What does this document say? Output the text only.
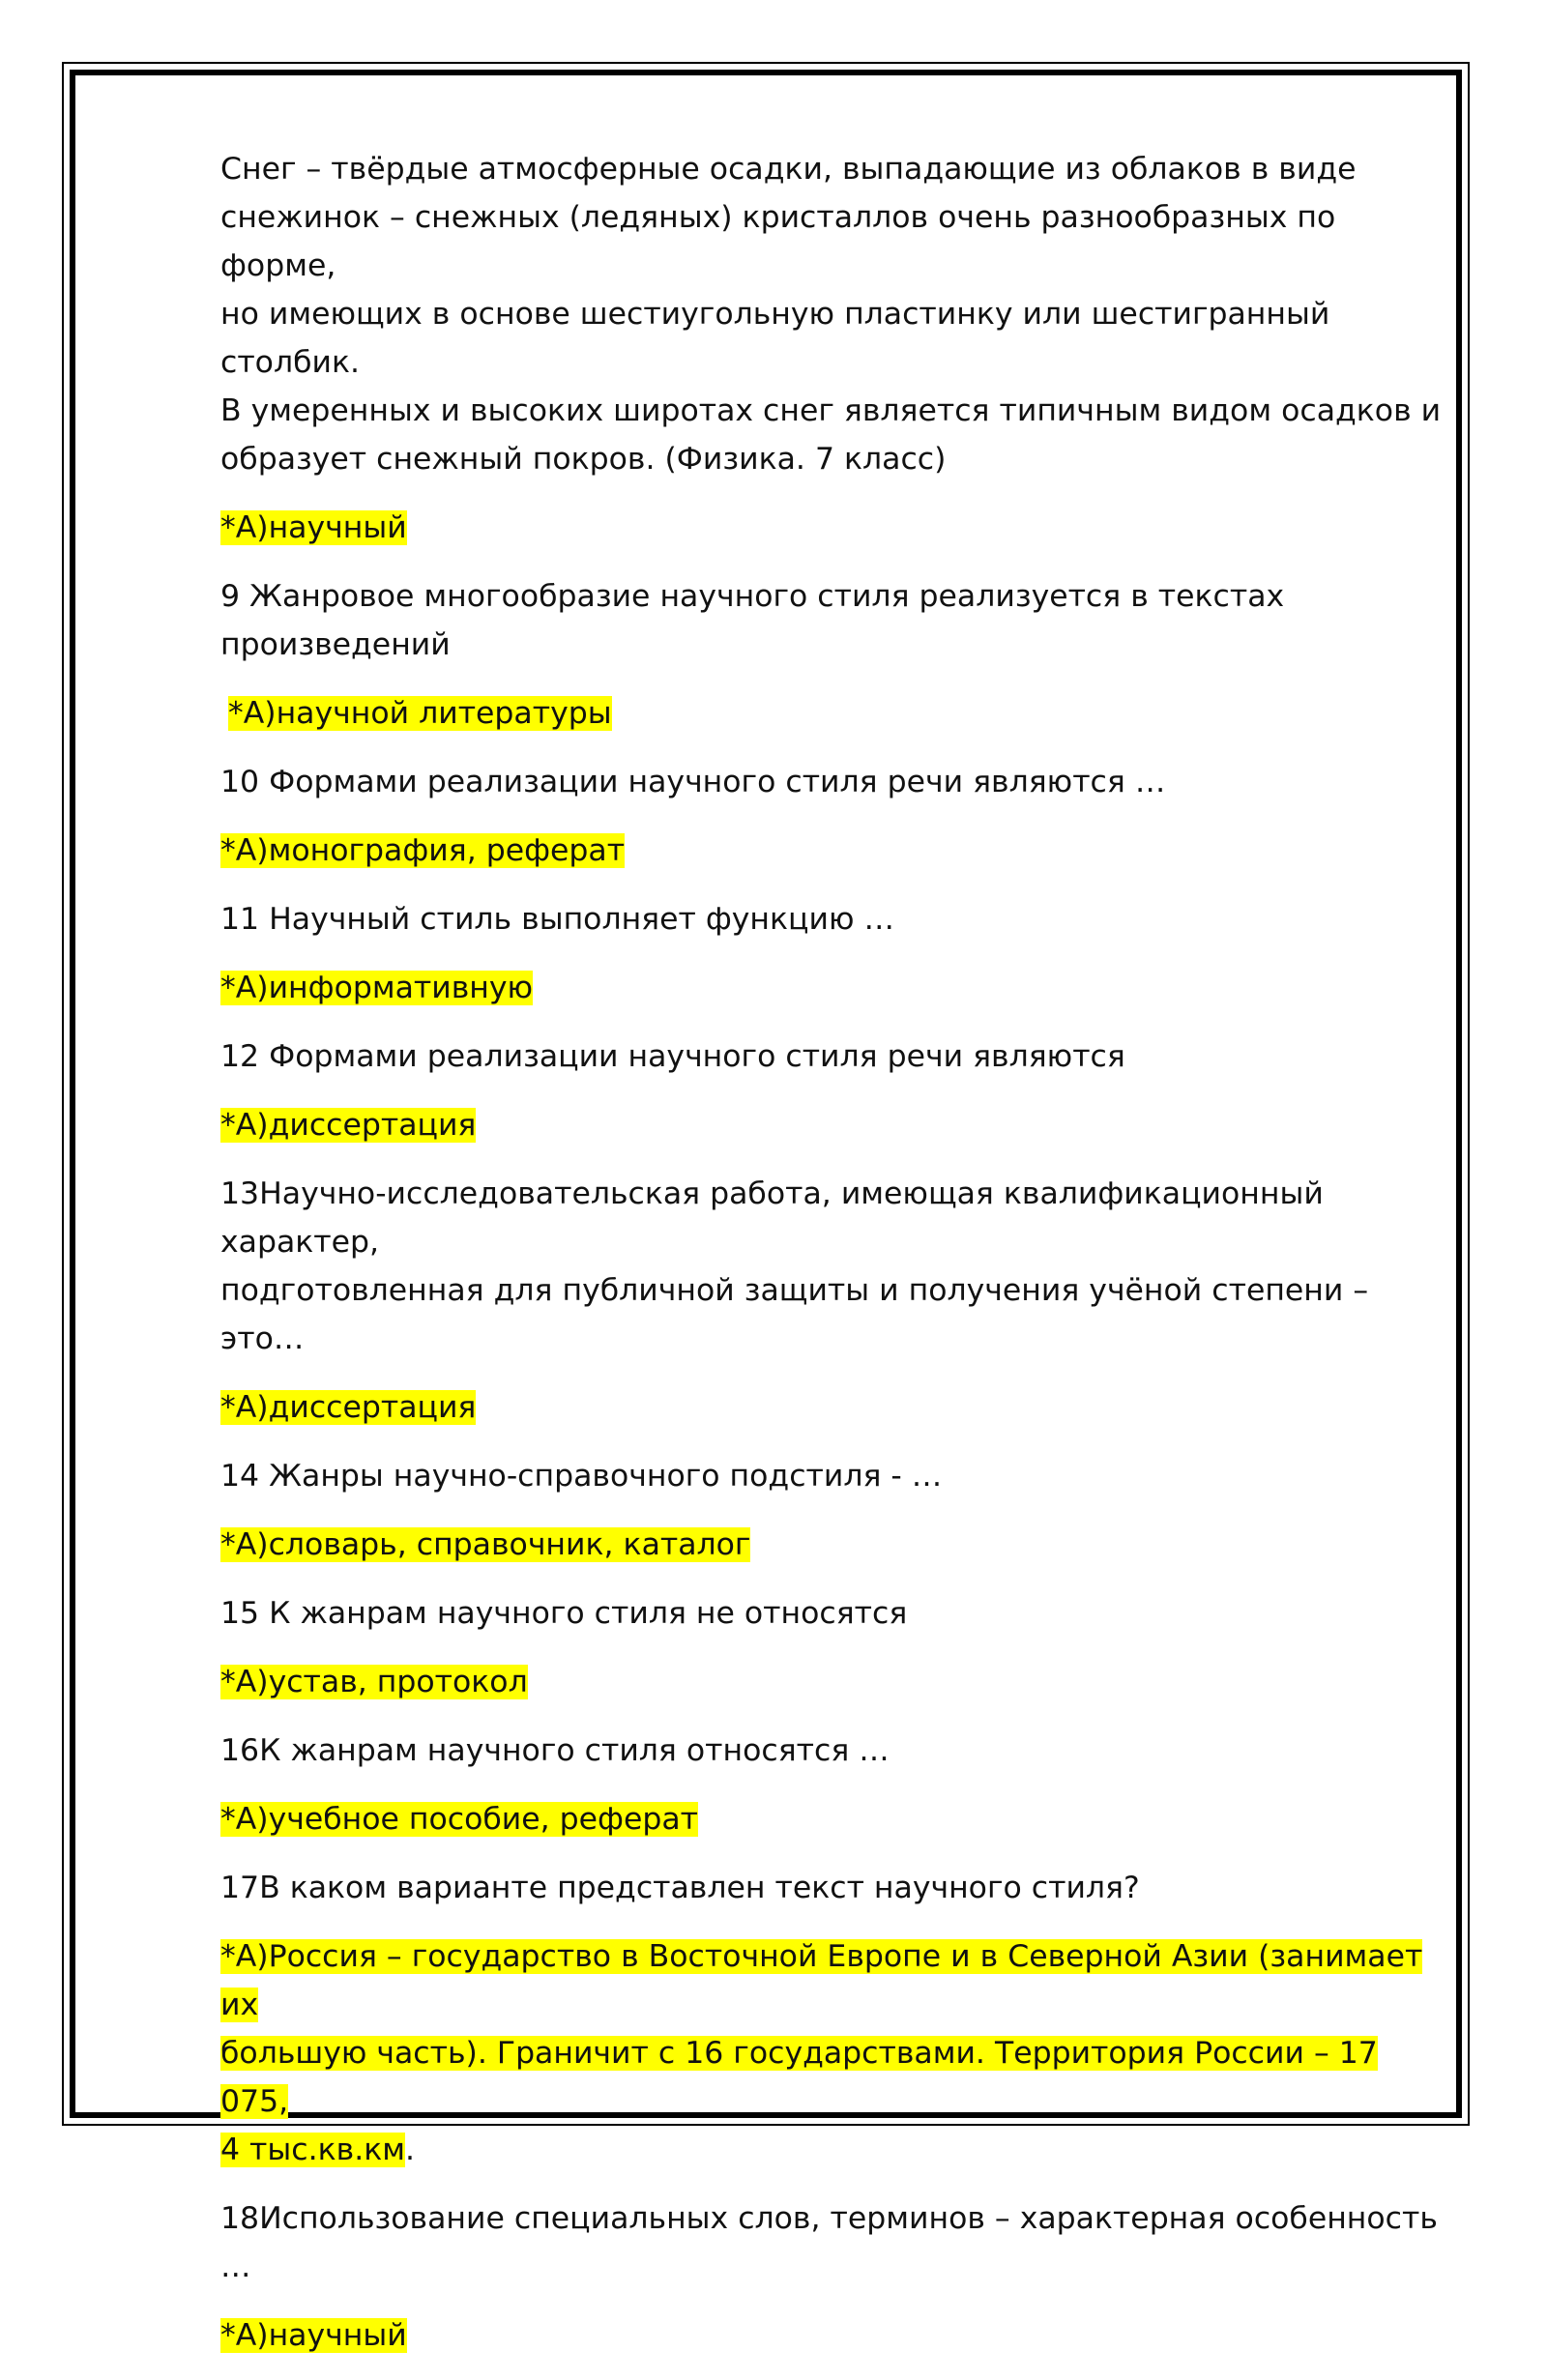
Снег – твёрдые атмосферные осадки, выпадающие из облаков в виде
снежинок – снежных (ледяных) кристаллов очень разнообразных по форме,
но имеющих в основе шестиугольную пластинку или шестигранный столбик.
В умеренных и высоких широтах снег является типичным видом осадков и
образует снежный покров. (Физика. 7 класс)

*А)научный

9 Жанровое многообразие научного стиля реализуется в текстах
произведений

*А)научной литературы

10 Формами реализации научного стиля речи являются …

*А)монография, реферат

11 Научный стиль выполняет функцию …

*А)информативную

12 Формами реализации научного стиля речи являются

*А)диссертация

13Научно-исследовательская работа, имеющая квалификационный характер,
подготовленная для публичной защиты и получения учёной степени – это…

*А)диссертация

14 Жанры научно-справочного подстиля - …

*А)словарь, справочник, каталог

15 К жанрам научного стиля не относятся

*А)устав, протокол

16К жанрам научного стиля относятся …

*А)учебное пособие, реферат

17В каком варианте представлен текст научного стиля?

*А)Россия – государство в Восточной Европе и в Северной Азии (занимает их
большую часть). Граничит с 16 государствами. Территория России – 17 075,
4 тыс.кв.км.

18Использование специальных слов, терминов – характерная особенность …

*А)научный
